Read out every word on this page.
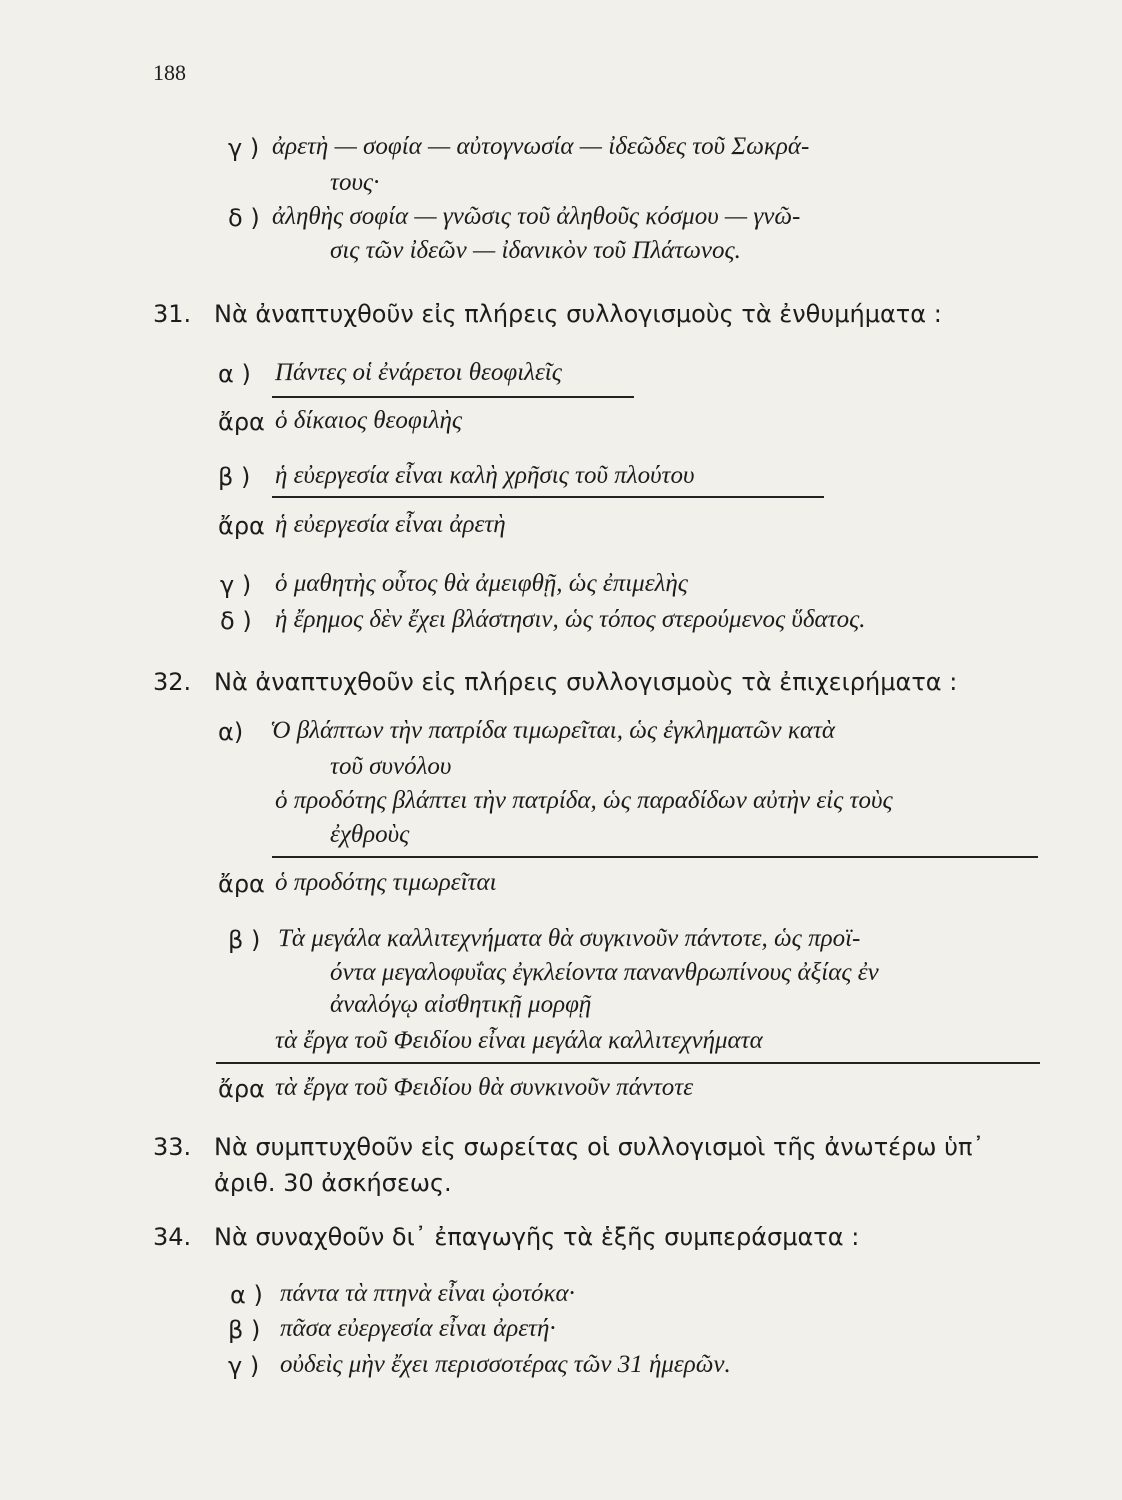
188
γ ) ἀρετὴ — σοφία — αὐτογνωσία — ἰδεῶδες τοῦ Σωκρά-
τους·
δ ) ἀληθὴς σοφία — γνῶσις τοῦ ἀληθοῦς κόσμου — γνῶ-
σις τῶν ἰδεῶν — ἰδανικὸν τοῦ Πλάτωνος.
31. Νὰ ἀναπτυχθοῦν εἰς πλήρεις συλλογισμοὺς τὰ ἐνθυμήματα :
α ) Πάντες οἱ ἐνάρετοι θεοφιλεῖς
ἄρα ὁ δίκαιος θεοφιλὴς
β ) ἡ εὐεργεσία εἶναι καλὴ χρῆσις τοῦ πλούτου
ἄρα ἡ εὐεργεσία εἶναι ἀρετὴ
γ ) ὁ μαθητὴς οὗτος θὰ ἀμειφθῇ, ὡς ἐπιμελὴς
δ ) ἡ ἔρημος δὲν ἔχει βλάστησιν, ὡς τόπος στερούμενος ὕδατος.
32. Νὰ ἀναπτυχθοῦν εἰς πλήρεις συλλογισμοὺς τὰ ἐπιχειρήματα :
α) Ὁ βλάπτων τὴν πατρίδα τιμωρεῖται, ὡς ἐγκληματῶν κατὰ
τοῦ συνόλου
ὁ προδότης βλάπτει τὴν πατρίδα, ὡς παραδίδων αὐτὴν εἰς τοὺς
ἐχθροὺς
ἄρα ὁ προδότης τιμωρεῖται
β ) Τὰ μεγάλα καλλιτεχνήματα θὰ συγκινοῦν πάντοτε, ὡς προϊ-
όντα μεγαλοφυΐας ἐγκλείοντα πανανθρωπίνους ἀξίας ἐν
ἀναλόγῳ αἰσθητικῇ μορφῇ
τὰ ἔργα τοῦ Φειδίου εἶναι μεγάλα καλλιτεχνήματα
ἄρα τὰ ἔργα τοῦ Φειδίου θὰ συνκινοῦν πάντοτε
33. Νὰ συμπτυχθοῦν εἰς σωρείτας οἱ συλλογισμοὶ τῆς ἀνωτέρω ὑπ᾿
ἀριθ. 30 ἀσκήσεως.
34. Νὰ συναχθοῦν δι᾿ ἐπαγωγῆς τὰ ἑξῆς συμπεράσματα :
α ) πάντα τὰ πτηνὰ εἶναι ᾠοτόκα·
β ) πᾶσα εὐεργεσία εἶναι ἀρετή·
γ ) οὐδεὶς μὴν ἔχει περισσοτέρας τῶν 31 ἡμερῶν.
